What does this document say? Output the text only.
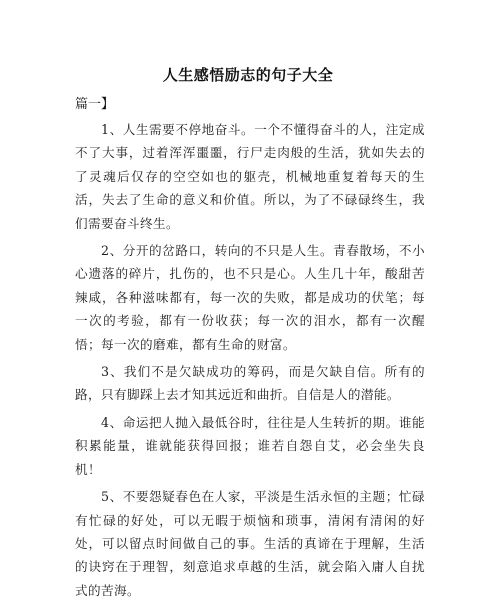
人生感悟励志的句子大全
篇一】

1、人生需要不停地奋斗。一个不懂得奋斗的人，注定成不了大事，过着浑浑噩噩，行尸走肉般的生活，犹如失去的了灵魂后仅存的空空如也的躯壳，机械地重复着每天的生活，失去了生命的意义和价值。所以，为了不碌碌终生，我们需要奋斗终生。

2、分开的岔路口，转向的不只是人生。青春散场，不小心遗落的碎片，扎伤的，也不只是心。人生几十年，酸甜苦辣咸，各种滋味都有，每一次的失败，都是成功的伏笔；每一次的考验，都有一份收获；每一次的泪水，都有一次醒悟；每一次的磨难，都有生命的财富。

3、我们不是欠缺成功的筹码，而是欠缺自信。所有的路，只有脚踩上去才知其远近和曲折。自信是人的潜能。

4、命运把人抛入最低谷时，往往是人生转折的期。谁能积累能量，谁就能获得回报；谁若自怨自艾，必会坐失良机！

5、不要怨疑春色在人家，平淡是生活永恒的主题；忙碌有忙碌的好处，可以无暇于烦恼和琐事，清闲有清闲的好处，可以留点时间做自己的事。生活的真谛在于理解，生活的诀窍在于理智，刻意追求卓越的生活，就会陷入庸人自扰式的苦海。
